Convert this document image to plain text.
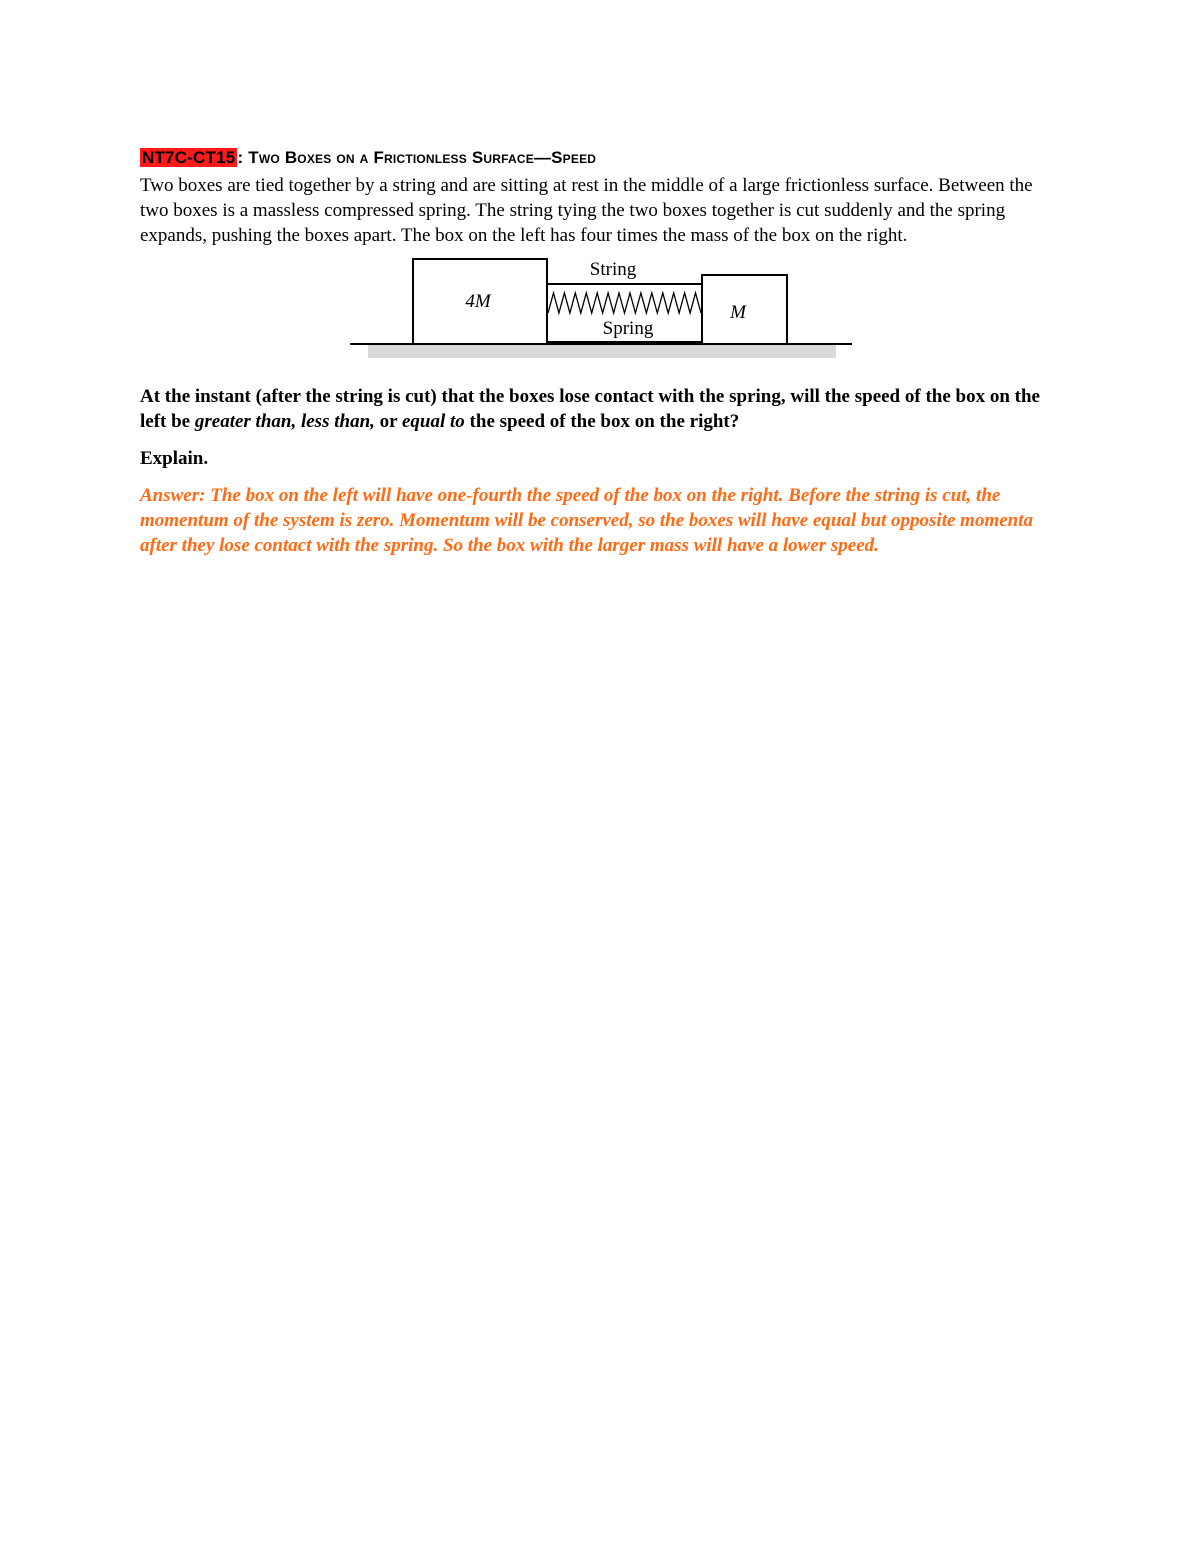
NT7C-CT15 : Two Boxes on a Frictionless Surface—Speed

Two boxes are tied together by a string and are sitting at rest in the middle of a large frictionless surface. Between the two boxes is a massless compressed spring. The string tying the two boxes together is cut suddenly and the spring expands, pushing the boxes apart. The box on the left has four times the mass of the box on the right.

String
Spring
4M
M

At the instant (after the string is cut) that the boxes lose contact with the spring, will the speed of the box on the left be greater than, less than, or equal to the speed of the box on the right?

Explain.

Answer: The box on the left will have one-fourth the speed of the box on the right. Before the string is cut, the momentum of the system is zero. Momentum will be conserved, so the boxes will have equal but opposite momenta after they lose contact with the spring. So the box with the larger mass will have a lower speed.
